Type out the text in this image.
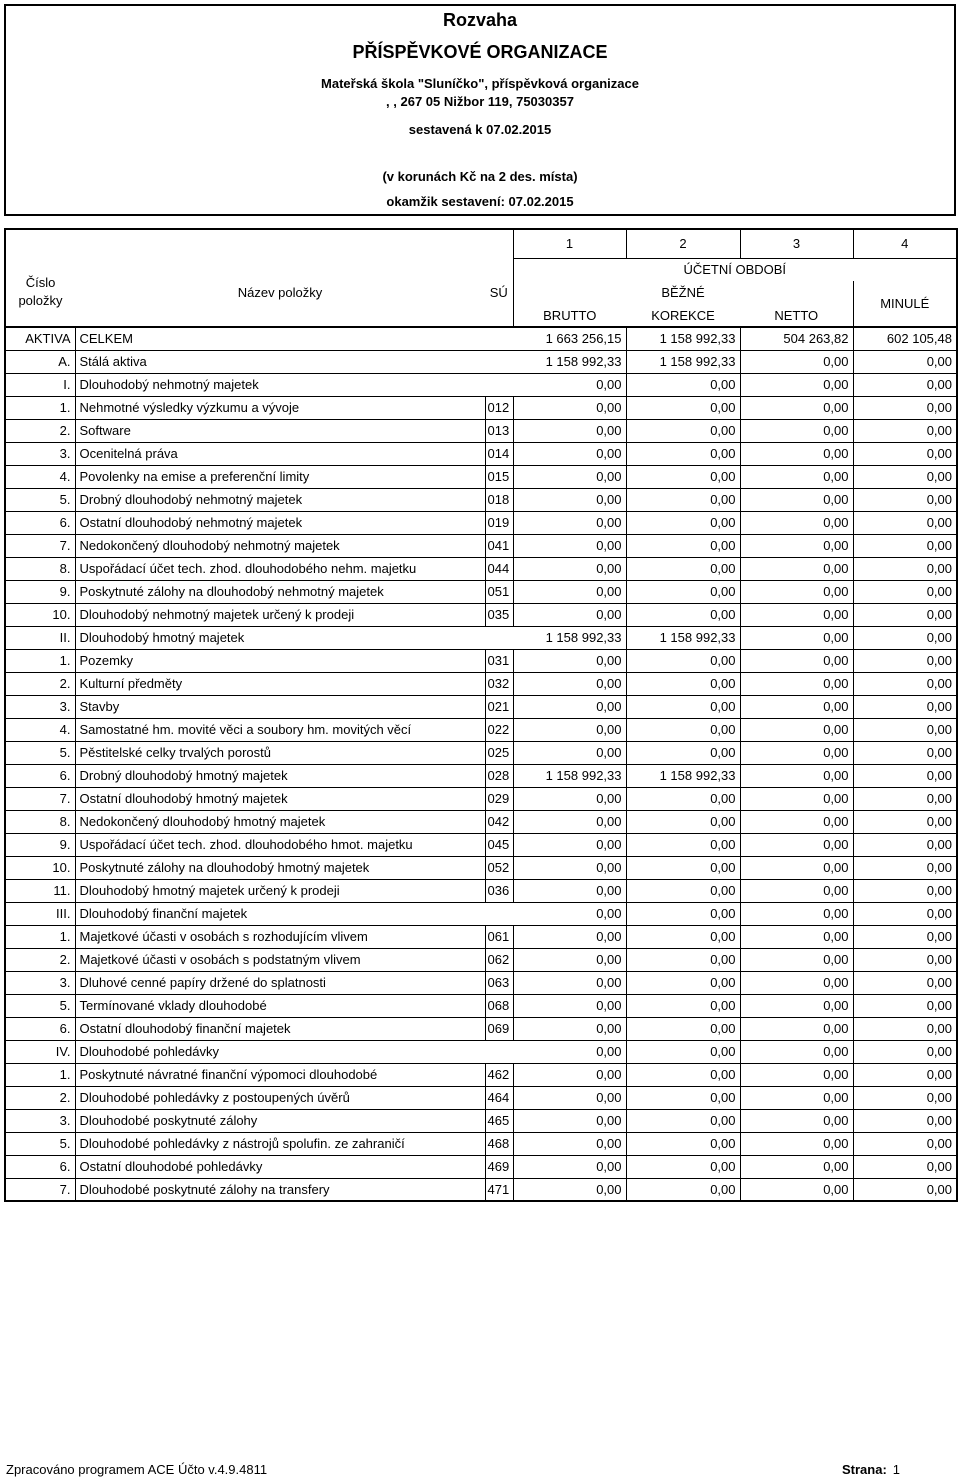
Rozvaha
PŘÍSPĚVKOVÉ ORGANIZACE
Mateřská škola "Sluníčko", příspěvková organizace
, , 267 05 Nižbor 119, 75030357
sestavená k 07.02.2015
(v korunách Kč na 2 des. místa)
okamžik sestavení: 07.02.2015
			1	2	3	4
Číslo položky	Název položky	SÚ	ÚČETNÍ OBDOBÍ			
			BĚŽNÉ			MINULÉ
			BRUTTO	KOREKCE	NETTO	
AKTIVA	CELKEM		1 663 256,15	1 158 992,33	504 263,82	602 105,48
A.	Stálá aktiva		1 158 992,33	1 158 992,33	0,00	0,00
I.	Dlouhodobý nehmotný majetek		0,00	0,00	0,00	0,00
1.	Nehmotné výsledky výzkumu a vývoje	012	0,00	0,00	0,00	0,00
2.	Software	013	0,00	0,00	0,00	0,00
3.	Ocenitelná práva	014	0,00	0,00	0,00	0,00
4.	Povolenky na emise a preferenční limity	015	0,00	0,00	0,00	0,00
5.	Drobný dlouhodobý nehmotný majetek	018	0,00	0,00	0,00	0,00
6.	Ostatní dlouhodobý nehmotný majetek	019	0,00	0,00	0,00	0,00
7.	Nedokončený dlouhodobý nehmotný majetek	041	0,00	0,00	0,00	0,00
8.	Uspořádací účet tech. zhod. dlouhodobého nehm. majetku	044	0,00	0,00	0,00	0,00
9.	Poskytnuté zálohy na dlouhodobý nehmotný majetek	051	0,00	0,00	0,00	0,00
10.	Dlouhodobý nehmotný majetek určený k prodeji	035	0,00	0,00	0,00	0,00
II.	Dlouhodobý hmotný majetek		1 158 992,33	1 158 992,33	0,00	0,00
1.	Pozemky	031	0,00	0,00	0,00	0,00
2.	Kulturní předměty	032	0,00	0,00	0,00	0,00
3.	Stavby	021	0,00	0,00	0,00	0,00
4.	Samostatné hm. movité věci a soubory hm. movitých věcí	022	0,00	0,00	0,00	0,00
5.	Pěstitelské celky trvalých porostů	025	0,00	0,00	0,00	0,00
6.	Drobný dlouhodobý hmotný majetek	028	1 158 992,33	1 158 992,33	0,00	0,00
7.	Ostatní dlouhodobý hmotný majetek	029	0,00	0,00	0,00	0,00
8.	Nedokončený dlouhodobý hmotný majetek	042	0,00	0,00	0,00	0,00
9.	Uspořádací účet tech. zhod. dlouhodobého hmot. majetku	045	0,00	0,00	0,00	0,00
10.	Poskytnuté zálohy na dlouhodobý hmotný majetek	052	0,00	0,00	0,00	0,00
11.	Dlouhodobý hmotný majetek určený k prodeji	036	0,00	0,00	0,00	0,00
III.	Dlouhodobý finanční majetek		0,00	0,00	0,00	0,00
1.	Majetkové účasti v osobách s rozhodujícím vlivem	061	0,00	0,00	0,00	0,00
2.	Majetkové účasti v osobách s podstatným vlivem	062	0,00	0,00	0,00	0,00
3.	Dluhové cenné papíry držené do splatnosti	063	0,00	0,00	0,00	0,00
5.	Termínované vklady dlouhodobé	068	0,00	0,00	0,00	0,00
6.	Ostatní dlouhodobý finanční majetek	069	0,00	0,00	0,00	0,00
IV.	Dlouhodobé pohledávky		0,00	0,00	0,00	0,00
1.	Poskytnuté návratné finanční výpomoci dlouhodobé	462	0,00	0,00	0,00	0,00
2.	Dlouhodobé pohledávky z postoupených úvěrů	464	0,00	0,00	0,00	0,00
3.	Dlouhodobé poskytnuté zálohy	465	0,00	0,00	0,00	0,00
5.	Dlouhodobé pohledávky z nástrojů spolufin. ze zahraničí	468	0,00	0,00	0,00	0,00
6.	Ostatní dlouhodobé pohledávky	469	0,00	0,00	0,00	0,00
7.	Dlouhodobé poskytnuté zálohy na transfery	471	0,00	0,00	0,00	0,00
Zpracováno programem ACE Účto v.4.9.4811	Strana: 1
